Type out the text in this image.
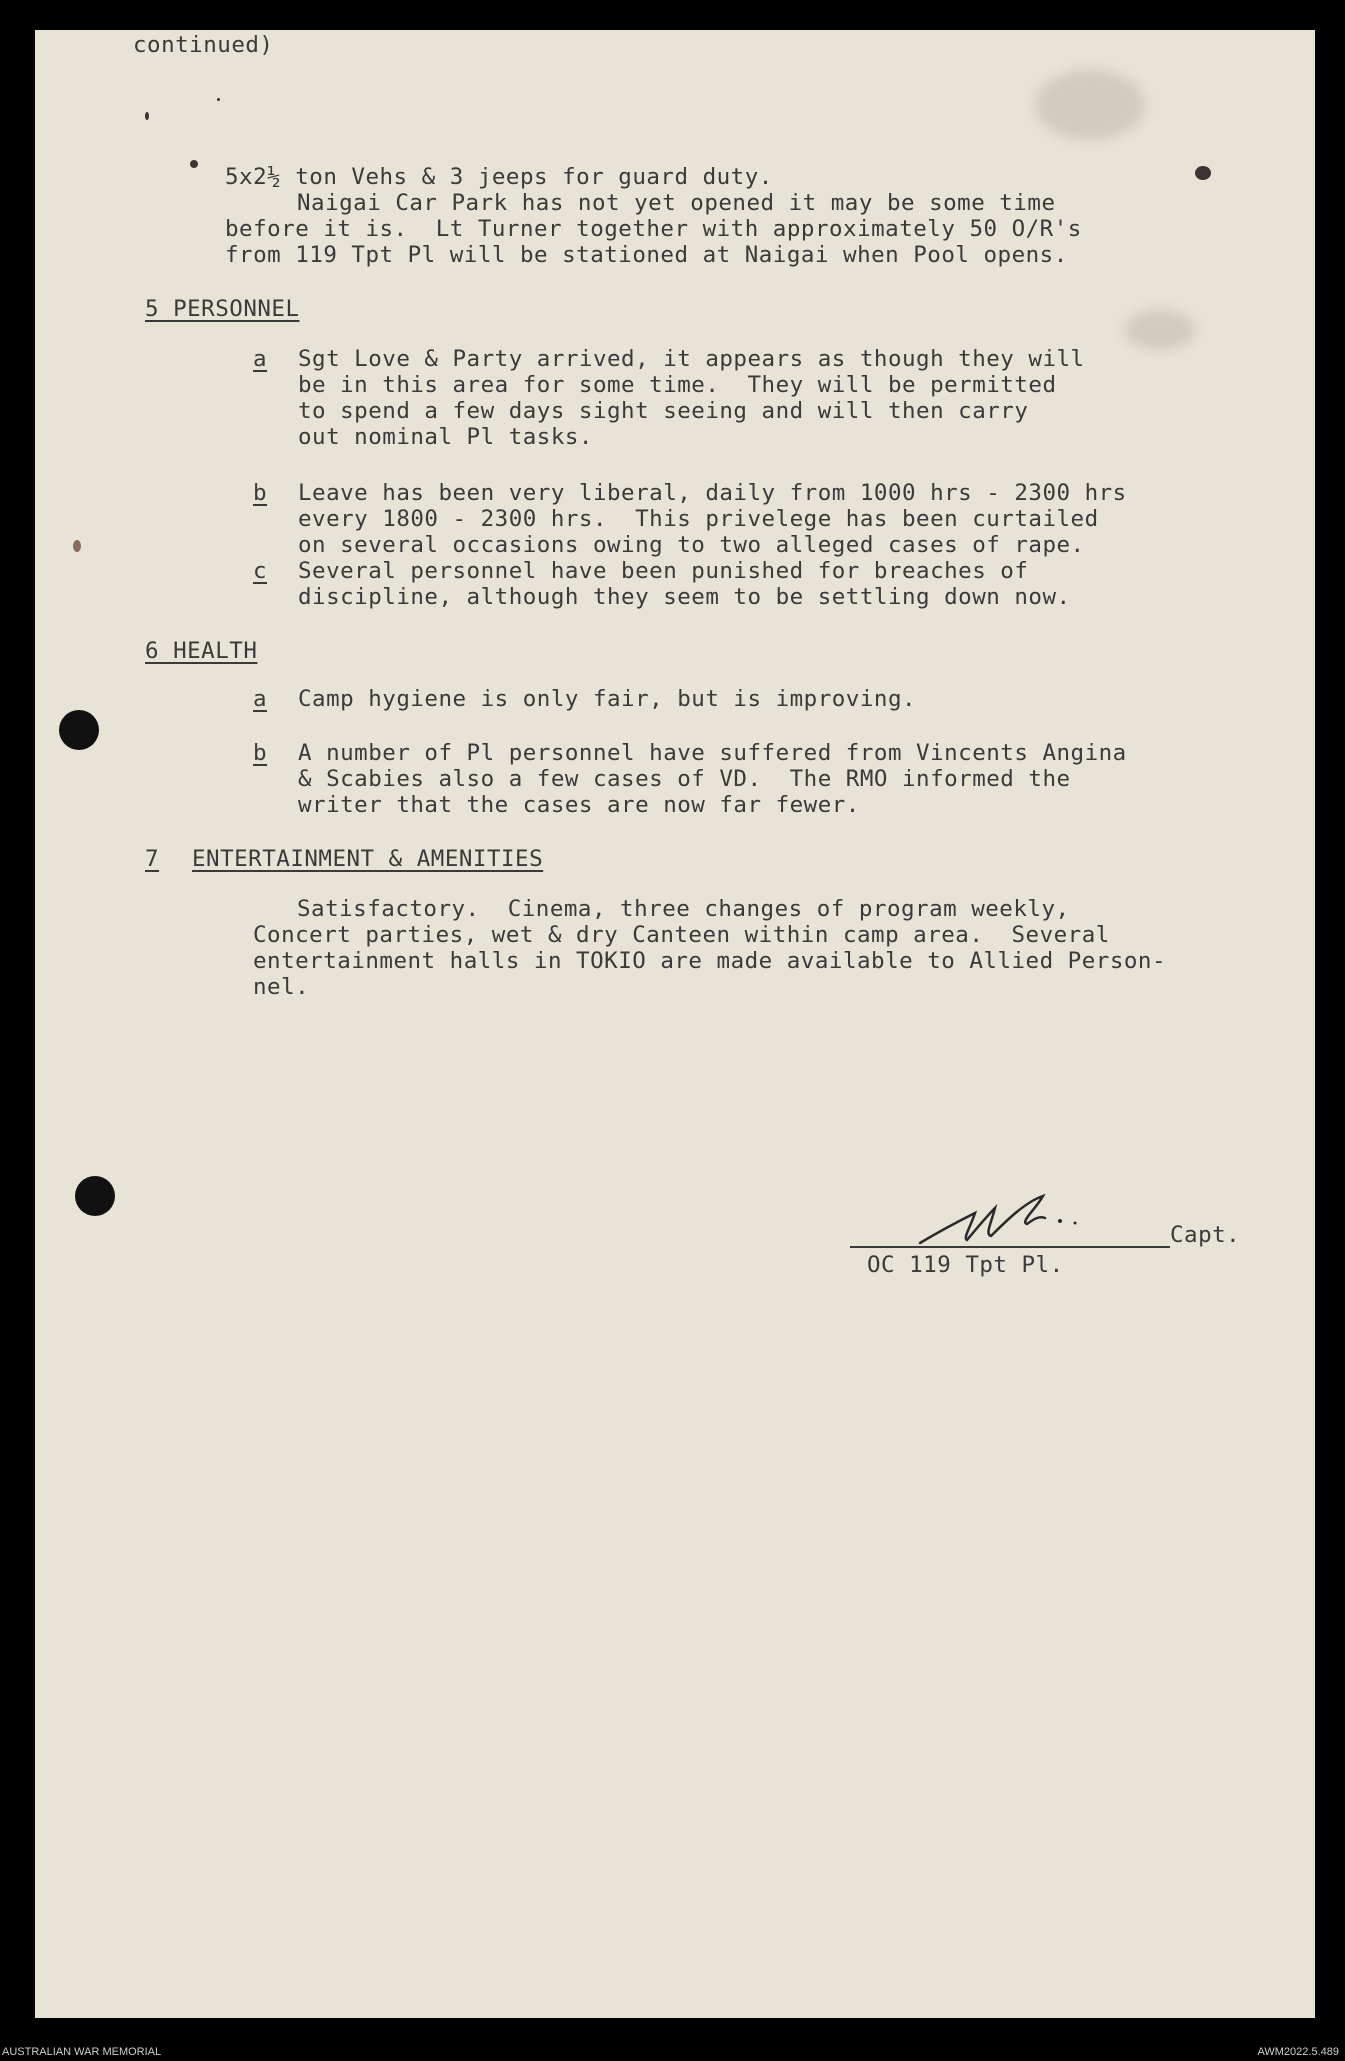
continued)
5x2½ ton Vehs & 3 jeeps for guard duty.
Naigai Car Park has not yet opened it may be some time
before it is.  Lt Turner together with approximately 50 O/R's
from 119 Tpt Pl will be stationed at Naigai when Pool opens.
5 PERSONNEL
a Sgt Love & Party arrived, it appears as though they will
be in this area for some time.  They will be permitted
to spend a few days sight seeing and will then carry
out nominal Pl tasks.
b Leave has been very liberal, daily from 1000 hrs - 2300 hrs
every 1800 - 2300 hrs.  This privelege has been curtailed
on several occasions owing to two alleged cases of rape.
c Several personnel have been punished for breaches of
discipline, although they seem to be settling down now.
6 HEALTH
a Camp hygiene is only fair, but is improving.
b A number of Pl personnel have suffered from Vincents Angina
& Scabies also a few cases of VD.  The RMO informed the
writer that the cases are now far fewer.
7 ENTERTAINMENT & AMENITIES
Satisfactory.  Cinema, three changes of program weekly,
Concert parties, wet & dry Canteen within camp area.  Several
entertainment halls in TOKIO are made available to Allied Person-
nel.
Capt.
OC 119 Tpt Pl.
AUSTRALIAN WAR MEMORIAL	AWM2022.5.489
